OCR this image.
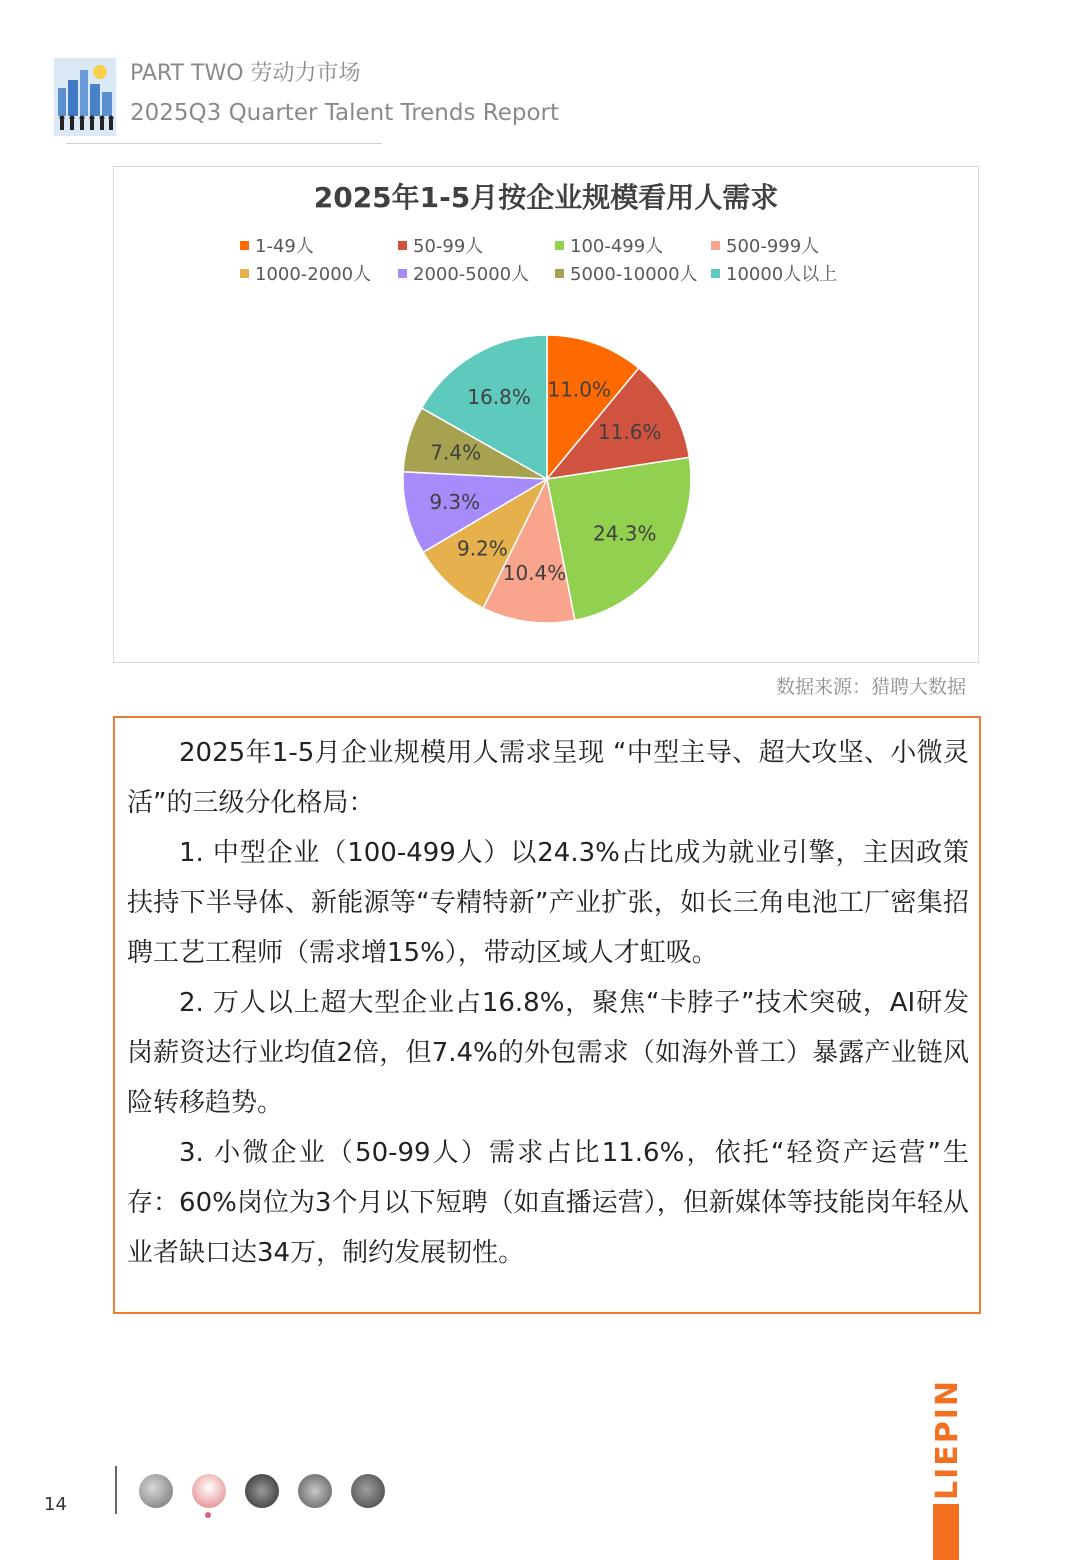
PART TWO 劳动力市场
2025Q3 Quarter Talent Trends Report
2025年1-5月按企业规模看用人需求
1-49人	50-99人	100-499人	500-999人
1000-2000人	2000-5000人	5000-10000人	10000人以上
11.0%
11.6%
24.3%
10.4%
9.2%
9.3%
7.4%
16.8%
数据来源：猎聘大数据
2025年1-5月企业规模用人需求呈现 “中型主导、超大攻坚、小微灵活”的三级分化格局：
1. 中型企业（100-499人）以24.3%占比成为就业引擎，主因政策扶持下半导体、新能源等“专精特新”产业扩张，如长三角电池工厂密集招聘工艺工程师（需求增15%），带动区域人才虹吸。
2. 万人以上超大型企业占16.8%，聚焦“卡脖子”技术突破，AI研发岗薪资达行业均值2倍，但7.4%的外包需求（如海外普工）暴露产业链风险转移趋势。
3. 小微企业（50-99人）需求占比11.6%，依托“轻资产运营”生存：60%岗位为3个月以下短聘（如直播运营），但新媒体等技能岗年轻从业者缺口达34万，制约发展韧性。
14
LIEPIN
